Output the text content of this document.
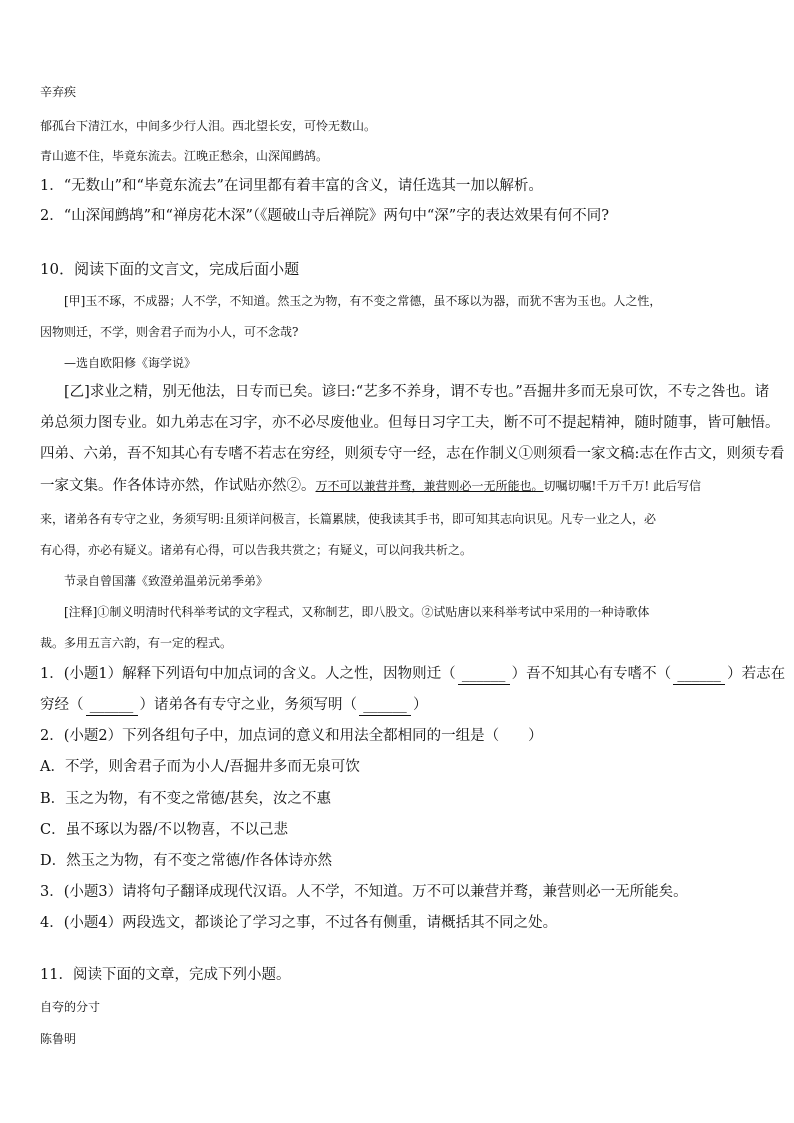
辛弃疾
郁孤台下清江水，中间多少行人泪。西北望长安，可怜无数山。
青山遮不住，毕竟东流去。江晚正愁余，山深闻鹧鸪。
1．“无数山”和“毕竟东流去”在词里都有着丰富的含义，请任选其一加以解析。
2．“山深闻鹧鸪”和“禅房花木深”（《题破山寺后禅院》两句中“深”字的表达效果有何不同?
10．阅读下面的文言文，完成后面小题
[甲]玉不琢，不成器；人不学，不知道。然玉之为物，有不变之常德，虽不琢以为器，而犹不害为玉也。人之性，
因物则迁，不学，则舍君子而为小人，可不念哉?
—选自欧阳修《诲学说》
[乙]求业之精，别无他法，日专而已矣。谚曰:“艺多不养身，谓不专也。”吾掘井多而无泉可饮，不专之咎也。诸
弟总须力图专业。如九弟志在习字，亦不必尽废他业。但每日习字工夫，断不可不提起精神，随时随事，皆可触悟。
四弟、六弟，吾不知其心有专嗜不若志在穷经，则须专守一经，志在作制义①则须看一家文稿:志在作古文，则须专看
一家文集。作各体诗亦然，作试贴亦然②。万不可以兼营并骛，兼营则必一无所能也。切嘱切嘱!千万千万! 此后写信
来，诸弟各有专守之业，务须写明:且须详问极言，长篇累牍，使我读其手书，即可知其志向识见。凡专一业之人，必
有心得，亦必有疑义。诸弟有心得，可以告我共赏之；有疑义，可以问我共析之。
节录自曾国藩《致澄弟温弟沅弟季弟》
[注释]①制义明清时代科举考试的文字程式，又称制艺，即八股文。②试贴唐以来科举考试中采用的一种诗歌体
裁。多用五言六韵，有一定的程式。
1．(小题1）解释下列语句中加点词的含义。人之性，因物则迁（ ______ ）吾不知其心有专嗜不（ ______ ）若志在
穷经（ ______ ）诸弟各有专守之业，务须写明（ ______ ）
2．(小题2）下列各组句子中，加点词的意义和用法全都相同的一组是（　　）
A．不学，则舍君子而为小人/吾掘井多而无泉可饮
B．玉之为物，有不变之常德/甚矣，汝之不惠
C．虽不琢以为器/不以物喜，不以己悲
D．然玉之为物，有不变之常德/作各体诗亦然
3．(小题3）请将句子翻译成现代汉语。人不学，不知道。万不可以兼营并骛，兼营则必一无所能矣。
4．(小题4）两段选文，都谈论了学习之事，不过各有侧重，请概括其不同之处。
11．阅读下面的文章，完成下列小题。
自夸的分寸
陈鲁明
